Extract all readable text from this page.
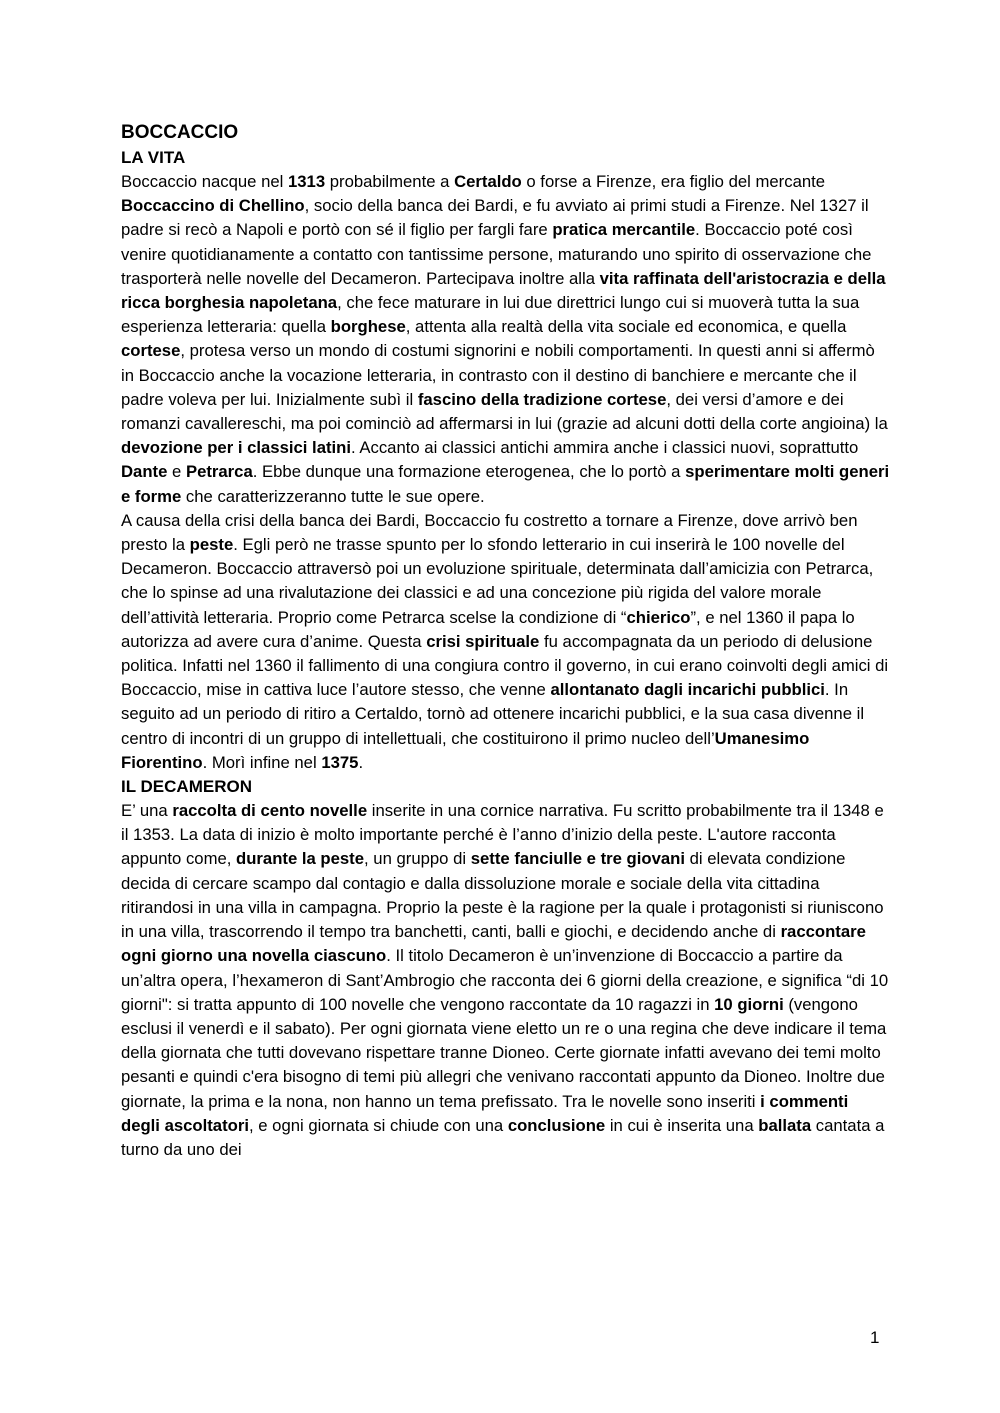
BOCCACCIO
LA VITA

Boccaccio nacque nel 1313 probabilmente a Certaldo o forse a Firenze, era figlio del mercante Boccaccino di Chellino, socio della banca dei Bardi, e fu avviato ai primi studi a Firenze. Nel 1327 il padre si recò a Napoli e portò con sé il figlio per fargli fare pratica mercantile. Boccaccio poté così venire quotidianamente a contatto con tantissime persone, maturando uno spirito di osservazione che trasporterà nelle novelle del Decameron. Partecipava inoltre alla vita raffinata dell'aristocrazia e della ricca borghesia napoletana, che fece maturare in lui due direttrici lungo cui si muoverà tutta la sua esperienza letteraria: quella borghese, attenta alla realtà della vita sociale ed economica, e quella cortese, protesa verso un mondo di costumi signorini e nobili comportamenti. In questi anni si affermò in Boccaccio anche la vocazione letteraria, in contrasto con il destino di banchiere e mercante che il padre voleva per lui. Inizialmente subì il fascino della tradizione cortese, dei versi d’amore e dei romanzi cavallereschi, ma poi cominciò ad affermarsi in lui (grazie ad alcuni dotti della corte angioina) la devozione per i classici latini. Accanto ai classici antichi ammira anche i classici nuovi, soprattutto Dante e Petrarca. Ebbe dunque una formazione eterogenea, che lo portò a sperimentare molti generi e forme che caratterizzeranno tutte le sue opere.

A causa della crisi della banca dei Bardi, Boccaccio fu costretto a tornare a Firenze, dove arrivò ben presto la peste. Egli però ne trasse spunto per lo sfondo letterario in cui inserirà le 100 novelle del Decameron. Boccaccio attraversò poi un evoluzione spirituale, determinata dall’amicizia con Petrarca, che lo spinse ad una rivalutazione dei classici e ad una concezione più rigida del valore morale dell’attività letteraria. Proprio come Petrarca scelse la condizione di “chierico”, e nel 1360 il papa lo autorizza ad avere cura d’anime. Questa crisi spirituale fu accompagnata da un periodo di delusione politica. Infatti nel 1360 il fallimento di una congiura contro il governo, in cui erano coinvolti degli amici di Boccaccio, mise in cattiva luce l’autore stesso, che venne allontanato dagli incarichi pubblici. In seguito ad un periodo di ritiro a Certaldo, tornò ad ottenere incarichi pubblici, e la sua casa divenne il centro di incontri di un gruppo di intellettuali, che costituirono il primo nucleo dell’Umanesimo Fiorentino. Morì infine nel 1375.

IL DECAMERON

E’ una raccolta di cento novelle inserite in una cornice narrativa. Fu scritto probabilmente tra il 1348 e il 1353. La data di inizio è molto importante perché è l’anno d’inizio della peste. L'autore racconta appunto come, durante la peste, un gruppo di sette fanciulle e tre giovani di elevata condizione decida di cercare scampo dal contagio e dalla dissoluzione morale e sociale della vita cittadina ritirandosi in una villa in campagna. Proprio la peste è la ragione per la quale i protagonisti si riuniscono in una villa, trascorrendo il tempo tra banchetti, canti, balli e giochi, e decidendo anche di raccontare ogni giorno una novella ciascuno. Il titolo Decameron è un’invenzione di Boccaccio a partire da un’altra opera, l’hexameron di Sant’Ambrogio che racconta dei 6 giorni della creazione, e significa “di 10 giorni": si tratta appunto di 100 novelle che vengono raccontate da 10 ragazzi in 10 giorni (vengono esclusi il venerdì e il sabato). Per ogni giornata viene eletto un re o una regina che deve indicare il tema della giornata che tutti dovevano rispettare tranne Dioneo. Certe giornate infatti avevano dei temi molto pesanti e quindi c'era bisogno di temi più allegri che venivano raccontati appunto da Dioneo. Inoltre due giornate, la prima e la nona, non hanno un tema prefissato. Tra le novelle sono inseriti i commenti degli ascoltatori, e ogni giornata si chiude con una conclusione in cui è inserita una ballata cantata a turno da uno dei

1
